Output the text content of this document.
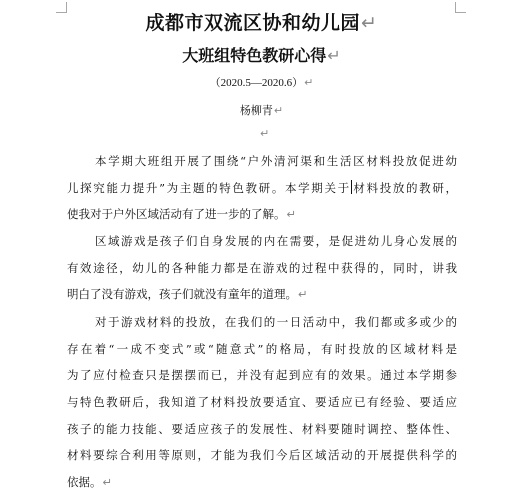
成都市双流区协和幼儿园↵
大班组特色教研心得↵
（2020.5—2020.6）↵
杨柳青↵
↵
本学期大班组开展了围绕“户外清河渠和生活区材料投放促进幼
儿探究能力提升”为主题的特色教研。本学期关于材料投放的教研，
使我对于户外区域活动有了进一步的了解。↵
区域游戏是孩子们自身发展的内在需要，是促进幼儿身心发展的
有效途径，幼儿的各种能力都是在游戏的过程中获得的，同时，讲我
明白了没有游戏，孩子们就没有童年的道理。↵
对于游戏材料的投放，在我们的一日活动中，我们都或多或少的
存在着“一成不变式”或“随意式”的格局，有时投放的区域材料是
为了应付检查只是摆摆而已，并没有起到应有的效果。通过本学期参
与特色教研后，我知道了材料投放要适宜、要适应已有经验、要适应
孩子的能力技能、要适应孩子的发展性、材料要随时调控、整体性、
材料要综合利用等原则，才能为我们今后区域活动的开展提供科学的
依据。↵
